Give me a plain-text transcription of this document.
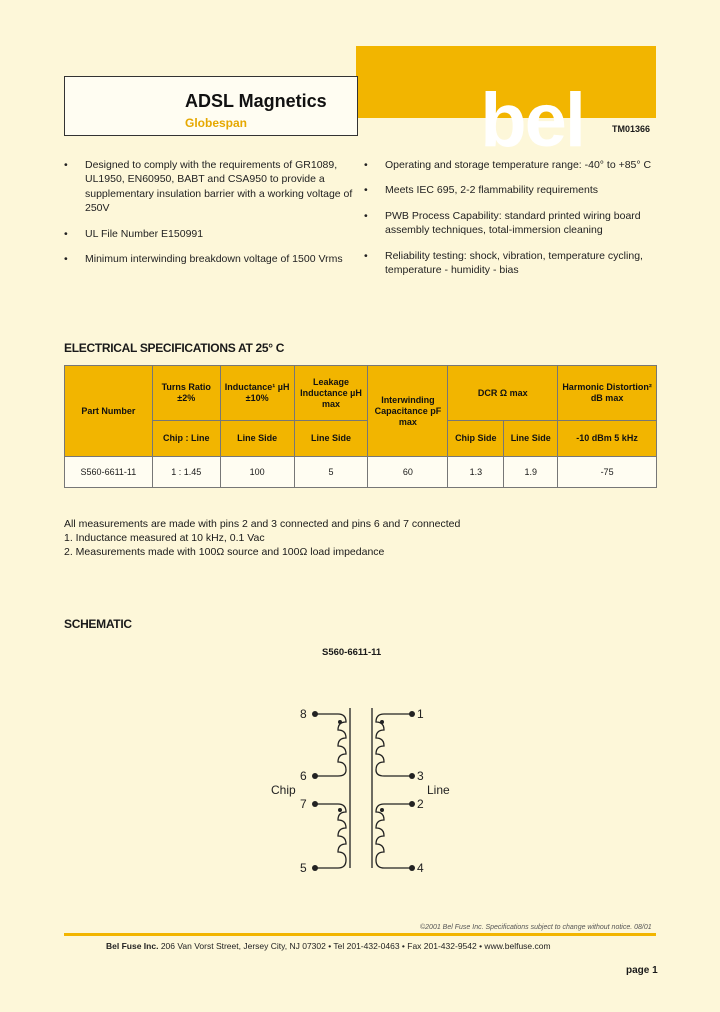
bel
ADSL Magnetics
Globespan	TM01366
• Designed to comply with the requirements of GR1089, UL1950, EN60950, BABT and CSA950 to provide a supplementary insulation barrier with a working voltage of 250V
• UL File Number E150991
• Minimum interwinding breakdown voltage of 1500 Vrms
• Operating and storage temperature range: -40° to +85° C
• Meets IEC 695, 2-2 flammability requirements
• PWB Process Capability: standard printed wiring board assembly techniques, total-immersion cleaning
• Reliability testing: shock, vibration, temperature cycling, temperature - humidity - bias
ELECTRICAL SPECIFICATIONS AT 25° C
Part Number	Turns Ratio ±2%	Inductance¹ µH ±10%	Leakage Inductance µH max	Interwinding Capacitance pF max	DCR Ω max		Harmonic Distortion² dB max
	Chip : Line	Line Side	Line Side		Chip Side	Line Side	-10 dBm 5 kHz
S560-6611-11	1 : 1.45	100	5	60	1.3	1.9	-75
All measurements are made with pins 2 and 3 connected and pins 6 and 7 connected
1. Inductance measured at 10 kHz, 0.1 Vac
2. Measurements made with 100Ω source and 100Ω load impedance
SCHEMATIC
S560-6611-11
8
6
7
5
1
3
2
4
Chip	Line
©2001 Bel Fuse Inc. Specifications subject to change without notice. 08/01
Bel Fuse Inc. 206 Van Vorst Street, Jersey City, NJ 07302 • Tel 201-432-0463 • Fax 201-432-9542 • www.belfuse.com
page 1
